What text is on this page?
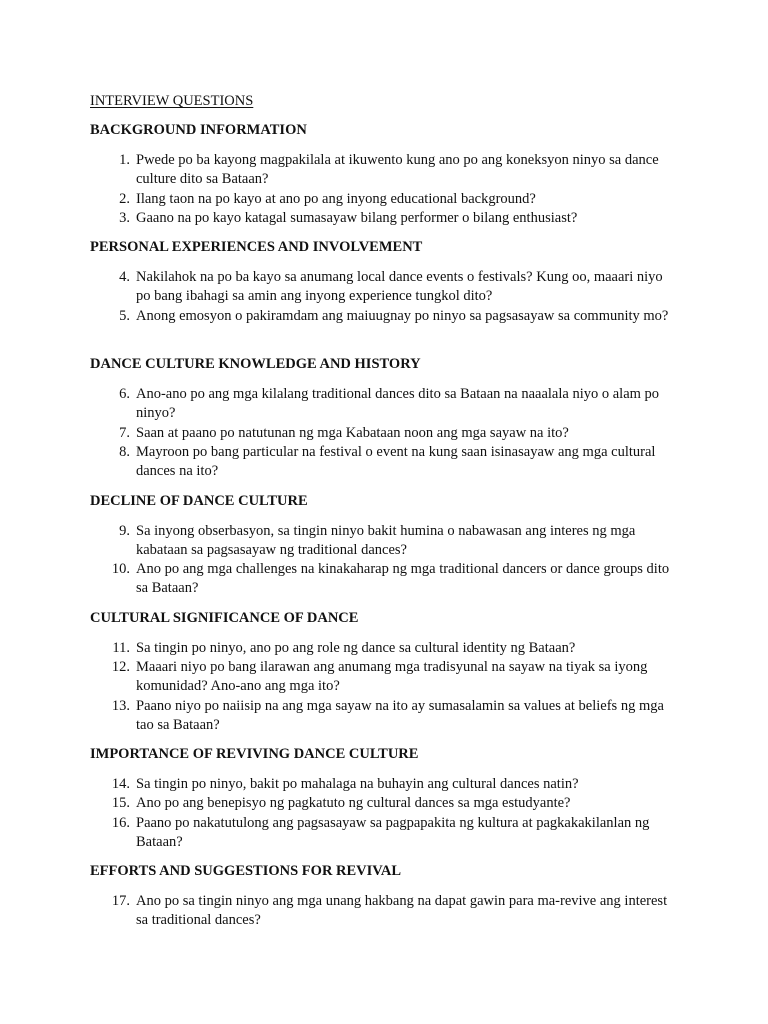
INTERVIEW QUESTIONS
BACKGROUND INFORMATION
1. Pwede po ba kayong magpakilala at ikuwento kung ano po ang koneksyon ninyo sa dance culture dito sa Bataan?
2. Ilang taon na po kayo at ano po ang inyong educational background?
3. Gaano na po kayo katagal sumasayaw bilang performer o bilang enthusiast?
PERSONAL EXPERIENCES AND INVOLVEMENT
4. Nakilahok na po ba kayo sa anumang local dance events o festivals? Kung oo, maaari niyo po bang ibahagi sa amin ang inyong experience tungkol dito?
5. Anong emosyon o pakiramdam ang maiuugnay po ninyo sa pagsasayaw sa community mo?
DANCE CULTURE KNOWLEDGE AND HISTORY
6. Ano-ano po ang mga kilalang traditional dances dito sa Bataan na naaalala niyo o alam po ninyo?
7. Saan at paano po natutunan ng mga Kabataan noon ang mga sayaw na ito?
8. Mayroon po bang particular na festival o event na kung saan isinasayaw ang mga cultural dances na ito?
DECLINE OF DANCE CULTURE
9. Sa inyong obserbasyon, sa tingin ninyo bakit humina o nabawasan ang interes ng mga kabataan sa pagsasayaw ng traditional dances?
10. Ano po ang mga challenges na kinakaharap ng mga traditional dancers or dance groups dito sa Bataan?
CULTURAL SIGNIFICANCE OF DANCE
11. Sa tingin po ninyo, ano po ang role ng dance sa cultural identity ng Bataan?
12. Maaari niyo po bang ilarawan ang anumang mga tradisyunal na sayaw na tiyak sa iyong komunidad? Ano-ano ang mga ito?
13. Paano niyo po naiisip na ang mga sayaw na ito ay sumasalamin sa values at beliefs ng mga tao sa Bataan?
IMPORTANCE OF REVIVING DANCE CULTURE
14. Sa tingin po ninyo, bakit po mahalaga na buhayin ang cultural dances natin?
15. Ano po ang benepisyo ng pagkatuto ng cultural dances sa mga estudyante?
16. Paano po nakatutulong ang pagsasayaw sa pagpapakita ng kultura at pagkakakilanlan ng Bataan?
EFFORTS AND SUGGESTIONS FOR REVIVAL
17. Ano po sa tingin ninyo ang mga unang hakbang na dapat gawin para ma-revive ang interest sa traditional dances?
